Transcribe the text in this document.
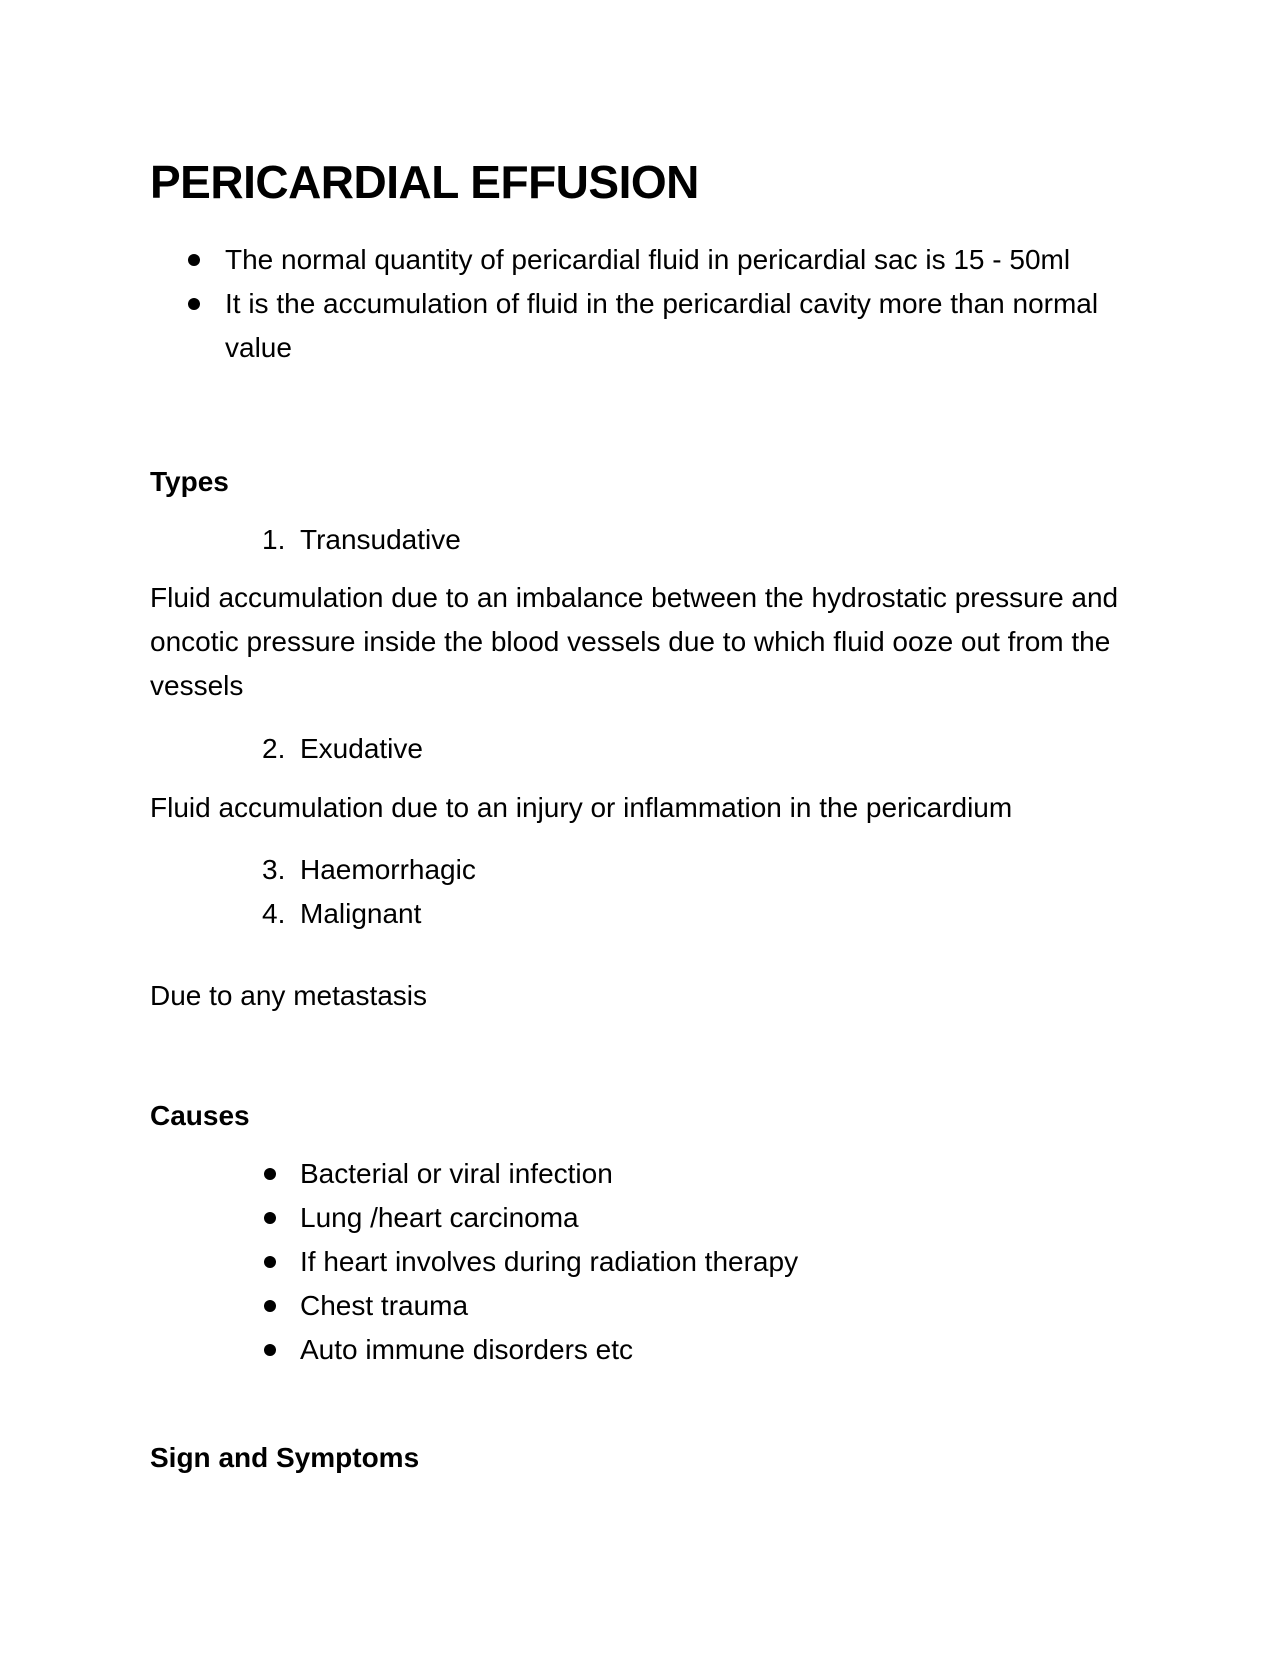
PERICARDIAL EFFUSION
The normal quantity of pericardial fluid in pericardial sac is 15 - 50ml
It is the accumulation of fluid in the pericardial cavity more than normal value
Types
1. Transudative

Fluid accumulation due to an imbalance between the hydrostatic pressure and oncotic pressure inside the blood vessels due to which fluid ooze out from the vessels

2. Exudative

Fluid accumulation due to an injury or inflammation in the pericardium

3. Haemorrhagic
4. Malignant

Due to any metastasis

Causes
Bacterial or viral infection
Lung /heart carcinoma
If heart involves during radiation therapy
Chest trauma
Auto immune disorders etc
Sign and Symptoms
